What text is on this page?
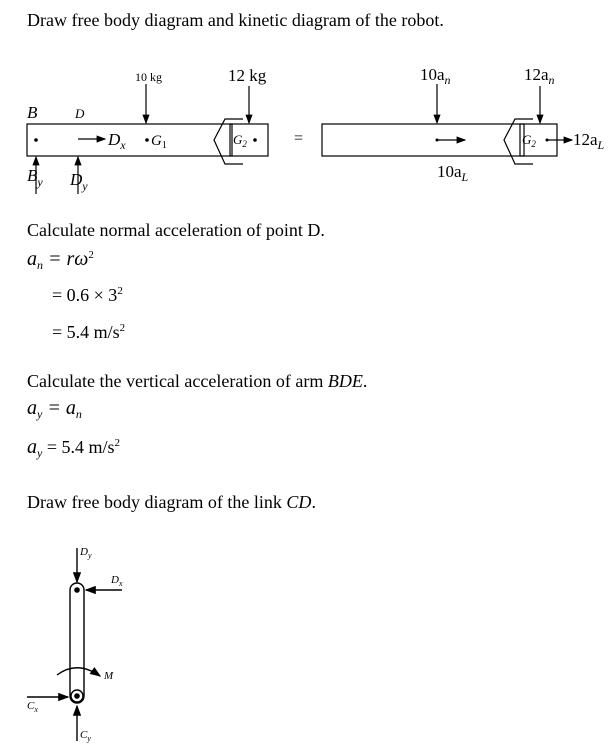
Draw free body diagram and kinetic diagram of the robot.
10 kg	12 kg
B	D
$D_x$ $G_1$	$G_2$
$B_y$ $D_y$
=
$10a_n$	$12a_n$
$10a_L$
$12a_L$
$G_2$
$D_y$
$D_x$
M
$C_x$
$C_y$
Calculate normal acceleration of point D.
$a_n = r\omega^2$
= $0.6 \times 3^2$
= 5.4 $m/s^2$
Calculate the vertical acceleration of arm BDE.
$a_y = a_n$
$a_y = 5.4$ $m/s^2$
Draw free body diagram of the link CD.
